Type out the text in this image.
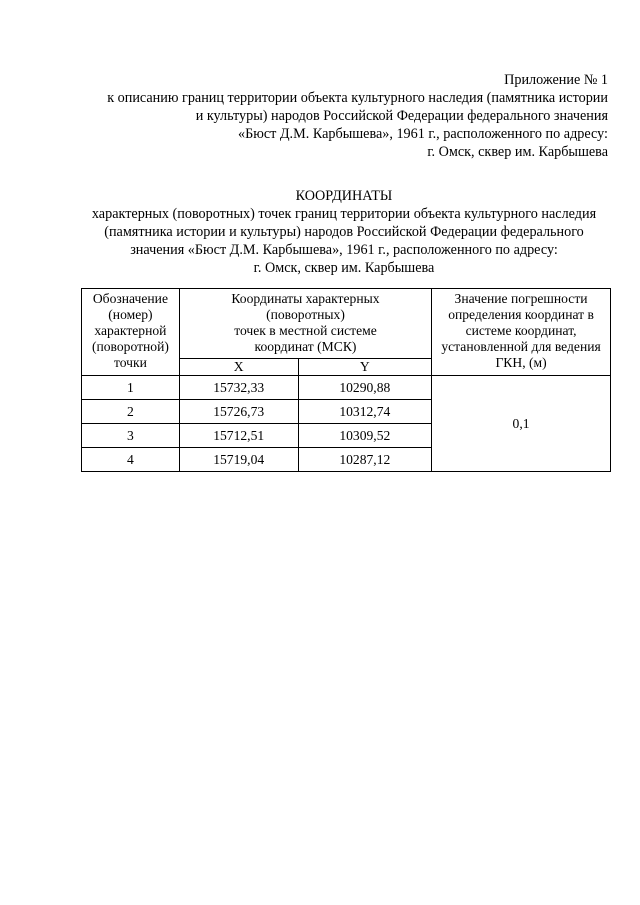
Приложение № 1
к описанию границ территории объекта культурного наследия (памятника истории
и культуры) народов Российской Федерации федерального значения
«Бюст Д.М. Карбышева», 1961 г., расположенного по адресу:
г. Омск, сквер им. Карбышева
КООРДИНАТЫ
характерных (поворотных) точек границ территории объекта культурного наследия
(памятника истории и культуры) народов Российской Федерации федерального
значения «Бюст Д.М. Карбышева», 1961 г., расположенного по адресу:
г. Омск, сквер им. Карбышева
Обозначение
(номер)
характерной
(поворотной)
точки	Координаты характерных
(поворотных)
точек в местной системе
координат (МСК)		Значение погрешности
определения координат в
системе координат,
установленной для ведения
ГКН, (м)

	X	Y	
1	15732,33	10290,88	0,1
2	15726,73	10312,74	
3	15712,51	10309,52	
4	15719,04	10287,12	
